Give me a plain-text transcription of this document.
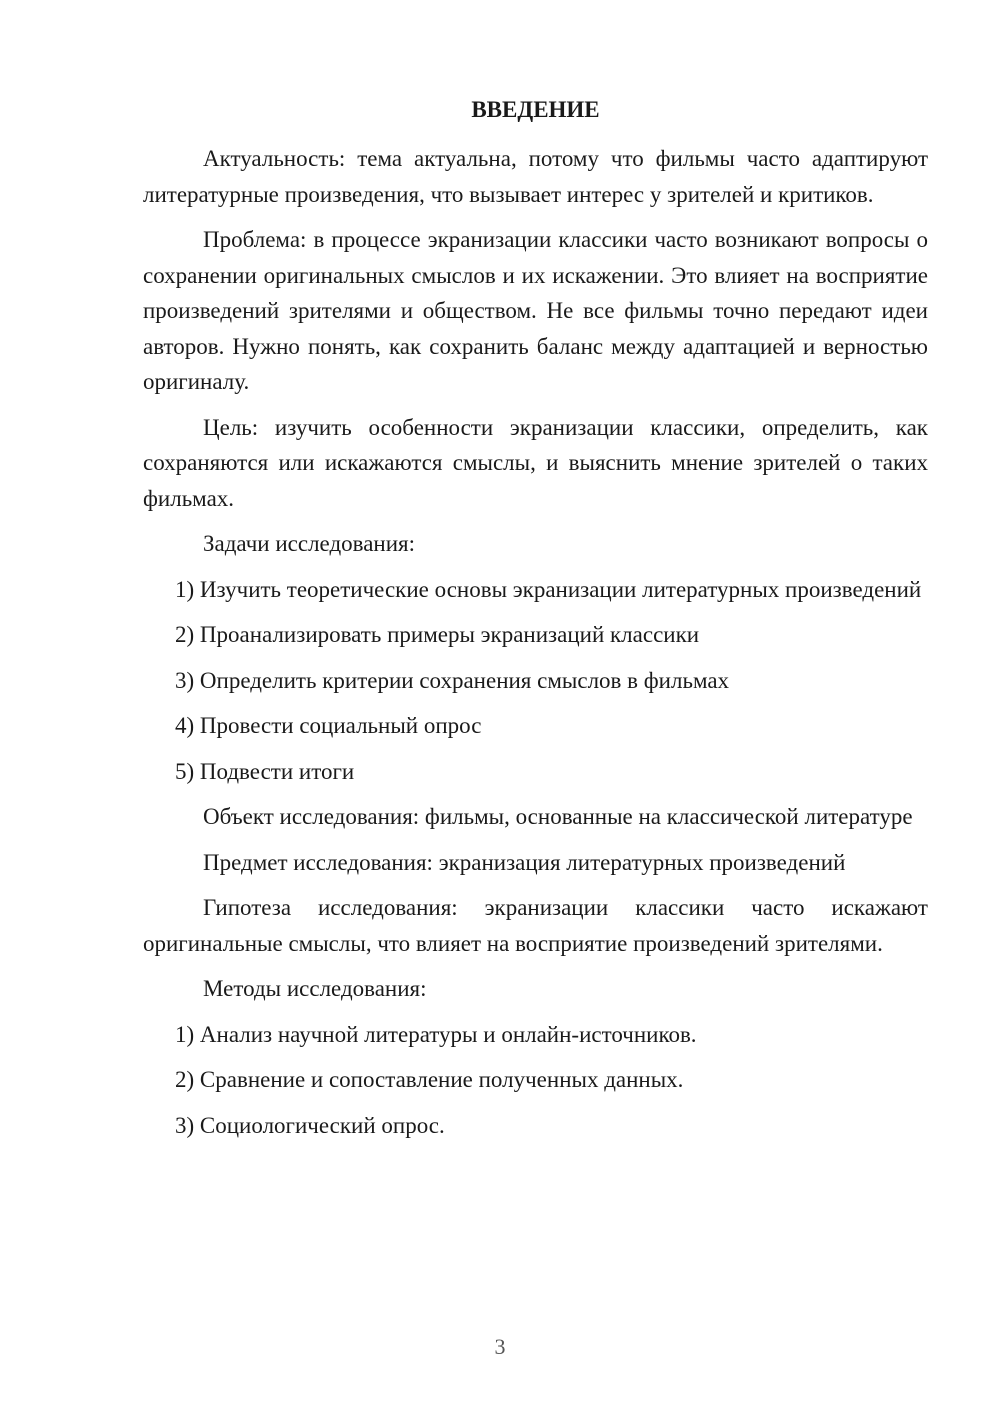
ВВЕДЕНИЕ

Актуальность: тема актуальна, потому что фильмы часто адаптируют литературные произведения, что вызывает интерес у зрителей и критиков.

Проблема: в процессе экранизации классики часто возникают вопросы о сохранении оригинальных смыслов и их искажении. Это влияет на восприятие произведений зрителями и обществом. Не все фильмы точно передают идеи авторов. Нужно понять, как сохранить баланс между адаптацией и верностью оригиналу.

Цель: изучить особенности экранизации классики, определить, как сохраняются или искажаются смыслы, и выяснить мнение зрителей о таких фильмах.

Задачи исследования:

1) Изучить теоретические основы экранизации литературных произведений

2) Проанализировать примеры экранизаций классики

3) Определить критерии сохранения смыслов в фильмах

4) Провести социальный опрос

5) Подвести итоги

Объект исследования: фильмы, основанные на классической литературе

Предмет исследования: экранизация литературных произведений

Гипотеза исследования: экранизации классики часто искажают оригинальные смыслы, что влияет на восприятие произведений зрителями.

Методы исследования:

1) Анализ научной литературы и онлайн-источников.

2) Сравнение и сопоставление полученных данных.

3) Социологический опрос.

3
